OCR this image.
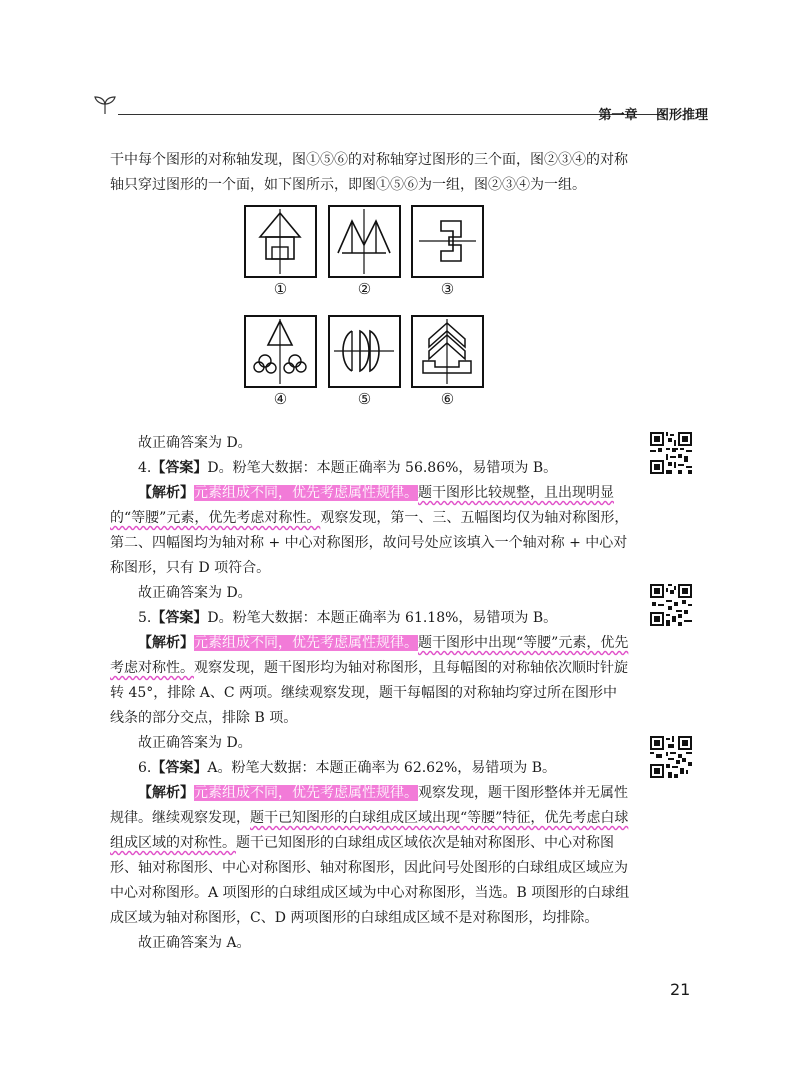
第一章 图形推理

干中每个图形的对称轴发现，图①⑤⑥的对称轴穿过图形的三个面，图②③④的对称

轴只穿过图形的一个面，如下图所示，即图①⑤⑥为一组，图②③④为一组。

①	②	③
④	⑤	⑥

故正确答案为 D。

4.【答案】D。粉笔大数据：本题正确率为 56.86%，易错项为 B。

【解析】元素组成不同，优先考虑属性规律。题干图形比较规整，且出现明显的“等腰”元素，优先考虑对称性。观察发现，第一、三、五幅图均仅为轴对称图形，第二、四幅图均为轴对称 + 中心对称图形，故问号处应该填入一个轴对称 + 中心对称图形，只有 D 项符合。

故正确答案为 D。

5.【答案】D。粉笔大数据：本题正确率为 61.18%，易错项为 B。

【解析】元素组成不同，优先考虑属性规律。题干图形中出现“等腰”元素，优先考虑对称性。观察发现，题干图形均为轴对称图形，且每幅图的对称轴依次顺时针旋转 45°，排除 A、C 两项。继续观察发现，题干每幅图的对称轴均穿过所在图形中线条的部分交点，排除 B 项。

故正确答案为 D。

6.【答案】A。粉笔大数据：本题正确率为 62.62%，易错项为 B。

【解析】元素组成不同，优先考虑属性规律。观察发现，题干图形整体并无属性规律。继续观察发现，题干已知图形的白球组成区域出现“等腰”特征，优先考虑白球组成区域的对称性。题干已知图形的白球组成区域依次是轴对称图形、中心对称图形、轴对称图形、中心对称图形、轴对称图形，因此问号处图形的白球组成区域应为中心对称图形。A 项图形的白球组成区域为中心对称图形，当选。B 项图形的白球组成区域为轴对称图形，C、D 两项图形的白球组成区域不是对称图形，均排除。

故正确答案为 A。

21
